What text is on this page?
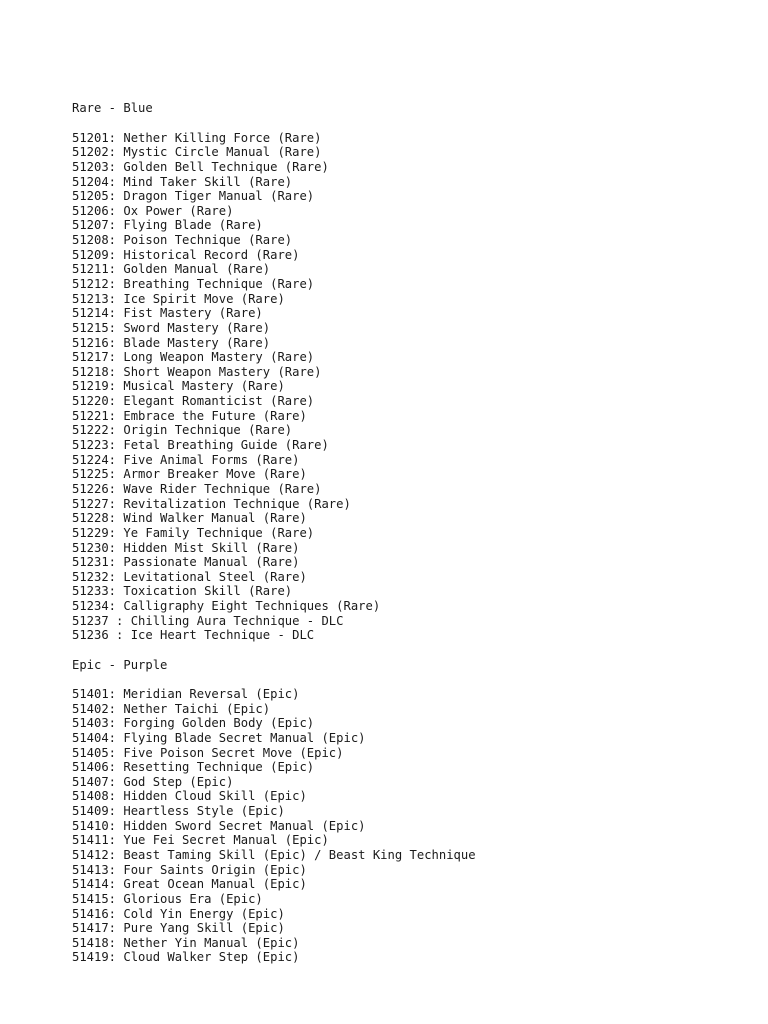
Rare - Blue
51201: Nether Killing Force (Rare)
51202: Mystic Circle Manual (Rare)
51203: Golden Bell Technique (Rare)
51204: Mind Taker Skill (Rare)
51205: Dragon Tiger Manual (Rare)
51206: Ox Power (Rare)
51207: Flying Blade (Rare)
51208: Poison Technique (Rare)
51209: Historical Record (Rare)
51211: Golden Manual (Rare)
51212: Breathing Technique (Rare)
51213: Ice Spirit Move (Rare)
51214: Fist Mastery (Rare)
51215: Sword Mastery (Rare)
51216: Blade Mastery (Rare)
51217: Long Weapon Mastery (Rare)
51218: Short Weapon Mastery (Rare)
51219: Musical Mastery (Rare)
51220: Elegant Romanticist (Rare)
51221: Embrace the Future (Rare)
51222: Origin Technique (Rare)
51223: Fetal Breathing Guide (Rare)
51224: Five Animal Forms (Rare)
51225: Armor Breaker Move (Rare)
51226: Wave Rider Technique (Rare)
51227: Revitalization Technique (Rare)
51228: Wind Walker Manual (Rare)
51229: Ye Family Technique (Rare)
51230: Hidden Mist Skill (Rare)
51231: Passionate Manual (Rare)
51232: Levitational Steel (Rare)
51233: Toxication Skill (Rare)
51234: Calligraphy Eight Techniques (Rare)
51237 : Chilling Aura Technique - DLC
51236 : Ice Heart Technique - DLC
Epic - Purple
51401: Meridian Reversal (Epic)
51402: Nether Taichi (Epic)
51403: Forging Golden Body (Epic)
51404: Flying Blade Secret Manual (Epic)
51405: Five Poison Secret Move (Epic)
51406: Resetting Technique (Epic)
51407: God Step (Epic)
51408: Hidden Cloud Skill (Epic)
51409: Heartless Style (Epic)
51410: Hidden Sword Secret Manual (Epic)
51411: Yue Fei Secret Manual (Epic)
51412: Beast Taming Skill (Epic) / Beast King Technique
51413: Four Saints Origin (Epic)
51414: Great Ocean Manual (Epic)
51415: Glorious Era (Epic)
51416: Cold Yin Energy (Epic)
51417: Pure Yang Skill (Epic)
51418: Nether Yin Manual (Epic)
51419: Cloud Walker Step (Epic)
